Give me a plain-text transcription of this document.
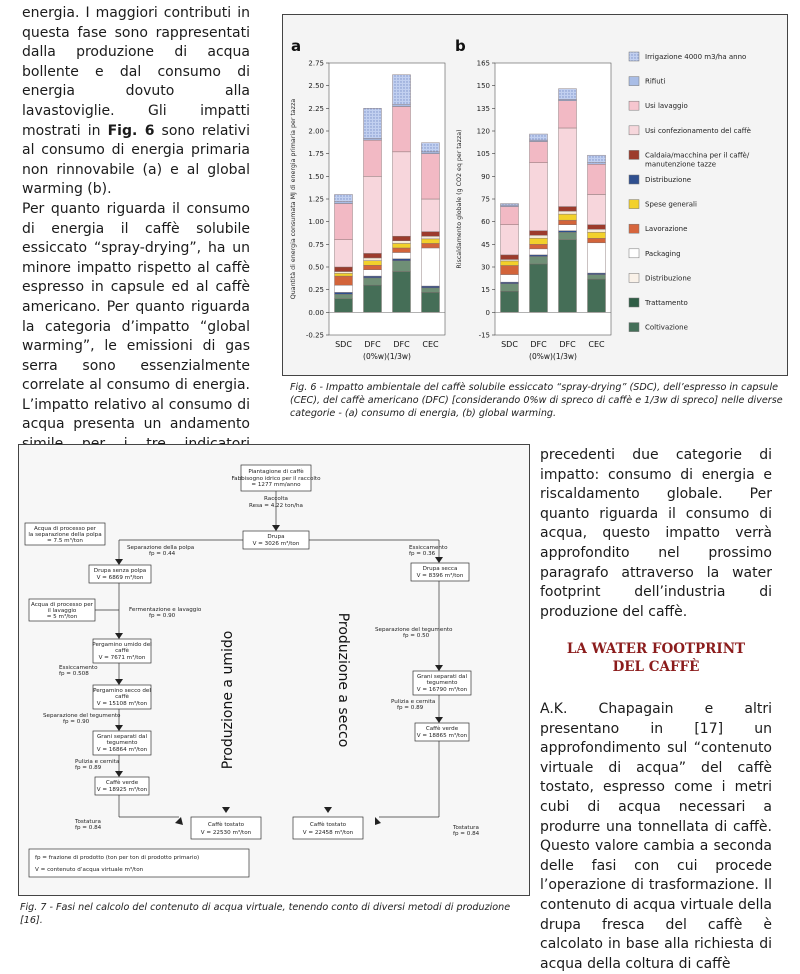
energia. I maggiori contributi in questa fase sono rappresentati dalla produzione di acqua bollente e dal consumo di energia dovuto alla lavastoviglie. Gli impatti mostrati in Fig. 6 sono relativi al consumo di energia primaria non rinnovabile (a) e al global warming (b).

Per quanto riguarda il consumo di energia il caffè solubile essiccato “spray-drying”, ha un minore impatto rispetto al caffè espresso in capsule ed al caffè americano. Per quanto riguarda la categoria d’impatto “global warming”, le emissioni di gas serra sono essenzialmente correlate al consumo di energia. L’impatto relativo al consumo di acqua presenta un andamento

a	b
-0.25
0.00
0.25
0.50
0.75
1.00
1.25
1.50
1.75
2.00
2.25
2.50
2.75
Quantità di energia consumata MJ di energia primaria per tazza
SDC DFC DFC CEC
(0%w)(1/3w)
-15
0
15
30
45
60
75
90
105
120
135
150
165
Riscaldamento globale (g CO2 eq per tazza)
SDC DFC DFC CEC
(0%w)(1/3w)
Irrigazione 4000 m3/ha anno
Rifiuti
Usi lavaggio
Usi confezionamento del caffè
Caldaia/macchina per il caffè/
manutenzione tazze
Distribuzione
Spese generali
Lavorazione
Packaging
Distribuzione
Trattamento
Coltivazione
Fig. 6 - Impatto ambientale del caffè solubile essiccato “spray-drying” (SDC), dell’espresso in capsule (CEC), del caffè americano (DFC) [considerando 0%w di spreco di caffè e 1/3w di spreco] nelle diverse categorie - (a) consumo di energia, (b) global warming.
Piantagione di caffè
Fabbisogno idrico per il raccolto
= 1277 mm/anno
Raccolta
Resa = 4.22 ton/ha
Drupa
V = 3026 m³/ton
Acqua di processo per
la separazione della polpa
= 7.5 m³/ton
Separazione della polpa
fp = 0.44
Drupa senza polpa
V = 6869 m³/ton
Acqua di processo per
il lavaggio
= 5 m³/ton
Fermentazione e lavaggio
fp = 0.90
Pergamino umido del
caffè
V = 7671 m³/ton
Essiccamento
fp = 0.508
Pergamino secco del
caffè
V = 15108 m³/ton
Separazione del tegumento
fp = 0.90
Grani separati dal
tegumento
V = 16864 m³/ton
Pulizia e cernita
fp = 0.89
Caffè verde
V = 18925 m³/ton
Tostatura
fp = 0.84	Caffè tostato
V = 22530 m³/ton
Produzione a umido	Produzione a secco
Essiccamento
fp = 0.36
Drupa secca
V = 8396 m³/ton
Separazione del tegumento
fp = 0.50
Grani separati dal
tegumento
V = 16790 m³/ton
Pulizia e cernita
fp = 0.89
Caffè verde
V = 18865 m³/ton
Tostatura
fp = 0.84
Caffè tostato
V = 22458 m³/ton
fp = frazione di prodotto (ton per ton di prodotto primario)
V = contenuto d’acqua virtuale m³/ton
Fig. 7 - Fasi nel calcolo del contenuto di acqua virtuale, tenendo conto di diversi metodi di produzione [16].

precedenti due categorie di impatto: consumo di energia e riscaldamento globale. Per quanto riguarda il consumo di acqua, questo impatto verrà approfondito nel prossimo paragrafo attraverso la water footprint dell’industria di produzione del caffè.

LA WATER FOOTPRINT
DEL CAFFÈ

A.K. Chapagain e altri presentano in [17] un approfondimento sul “contenuto virtuale di acqua” del caffè tostato, espresso come i metri cubi di acqua necessari a produrre una tonnellata di caffè. Questo valore cambia a seconda delle fasi con cui procede l’operazione di trasformazione. Il contenuto di acqua virtuale della drupa fresca del caffè è calcolato in base alla richiesta di acqua della coltura di caffè
